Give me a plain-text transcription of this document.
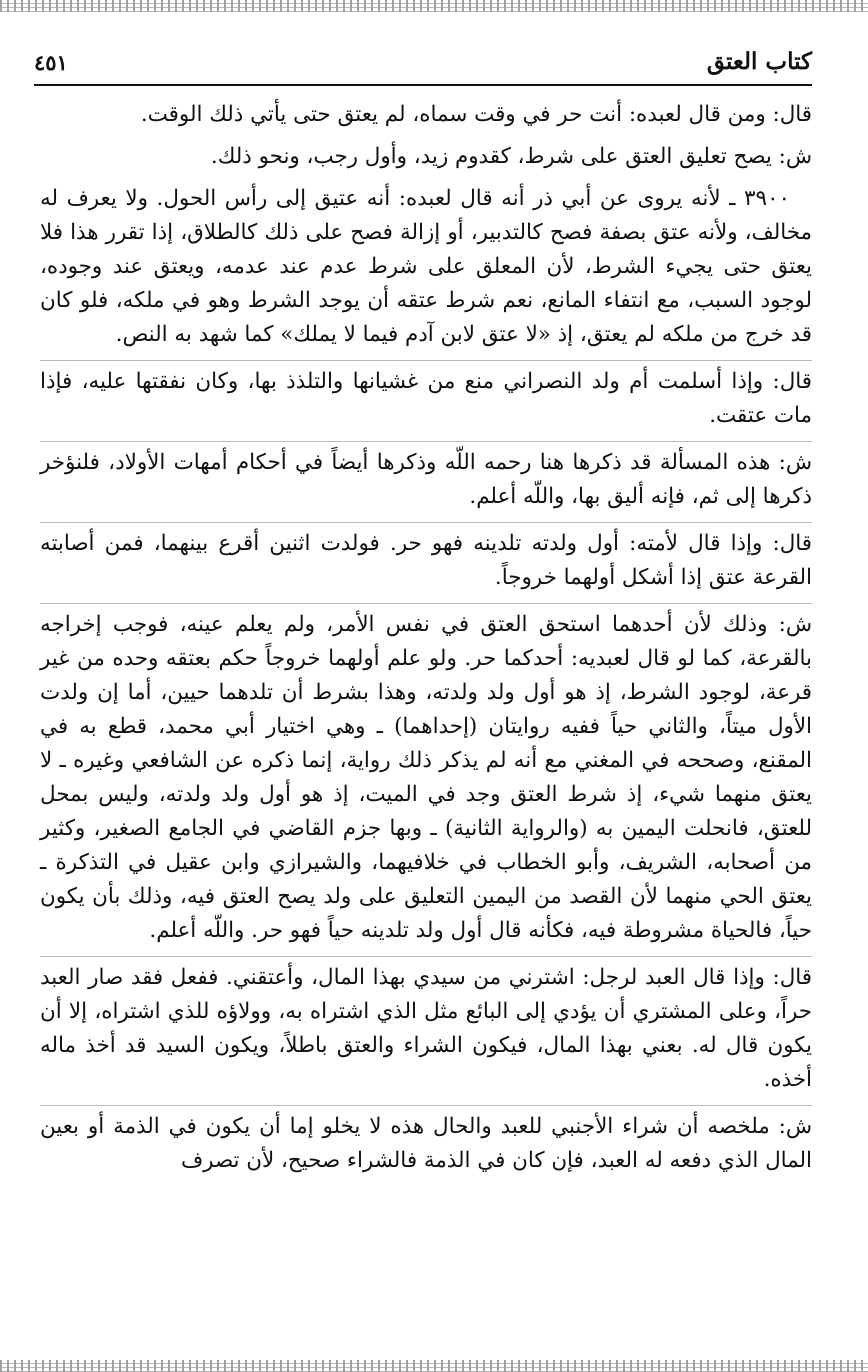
٤٥١	كتاب العتق

قال: ومن قال لعبده: أنت حر في وقت سماه، لم يعتق حتى يأتي ذلك الوقت.

ش: يصح تعليق العتق على شرط، كقدوم زيد، وأول رجب، ونحو ذلك.

٣٩٠٠ ـ لأنه يروى عن أبي ذر أنه قال لعبده: أنه عتيق إلى رأس الحول. ولا يعرف له مخالف، ولأنه عتق بصفة فصح كالتدبير، أو إزالة فصح على ذلك كالطلاق، إذا تقرر هذا فلا يعتق حتى يجيء الشرط، لأن المعلق على شرط عدم عند عدمه، ويعتق عند وجوده، لوجود السبب، مع انتفاء المانع، نعم شرط عتقه أن يوجد الشرط وهو في ملكه، فلو كان قد خرج من ملكه لم يعتق، إذ «لا عتق لابن آدم فيما لا يملك» كما شهد به النص.

قال: وإذا أسلمت أم ولد النصراني منع من غشيانها والتلذذ بها، وكان نفقتها عليه، فإذا مات عتقت.

ش: هذه المسألة قد ذكرها هنا رحمه اللّه وذكرها أيضاً في أحكام أمهات الأولاد، فلنؤخر ذكرها إلى ثم، فإنه أليق بها، واللّه أعلم.

قال: وإذا قال لأمته: أول ولدته تلدينه فهو حر. فولدت اثنين أقرع بينهما، فمن أصابته القرعة عتق إذا أشكل أولهما خروجاً.

ش: وذلك لأن أحدهما استحق العتق في نفس الأمر، ولم يعلم عينه، فوجب إخراجه بالقرعة، كما لو قال لعبديه: أحدكما حر. ولو علم أولهما خروجاً حكم بعتقه وحده من غير قرعة، لوجود الشرط، إذ هو أول ولد ولدته، وهذا بشرط أن تلدهما حيين، أما إن ولدت الأول ميتاً، والثاني حياً ففيه روايتان (إحداهما) ـ وهي اختيار أبي محمد، قطع به في المقنع، وصححه في المغني مع أنه لم يذكر ذلك رواية، إنما ذكره عن الشافعي وغيره ـ لا يعتق منهما شيء، إذ شرط العتق وجد في الميت، إذ هو أول ولد ولدته، وليس بمحل للعتق، فانحلت اليمين به (والرواية الثانية) ـ وبها جزم القاضي في الجامع الصغير، وكثير من أصحابه، الشريف، وأبو الخطاب في خلافيهما، والشيرازي وابن عقيل في التذكرة ـ يعتق الحي منهما لأن القصد من اليمين التعليق على ولد يصح العتق فيه، وذلك بأن يكون حياً، فالحياة مشروطة فيه، فكأنه قال أول ولد تلدينه حياً فهو حر. واللّه أعلم.

قال: وإذا قال العبد لرجل: اشترني من سيدي بهذا المال، وأعتقني. ففعل فقد صار العبد حراً، وعلى المشتري أن يؤدي إلى البائع مثل الذي اشتراه به، وولاؤه للذي اشتراه، إلا أن يكون قال له. بعني بهذا المال، فيكون الشراء والعتق باطلاً، ويكون السيد قد أخذ ماله أخذه.

ش: ملخصه أن شراء الأجنبي للعبد والحال هذه لا يخلو إما أن يكون في الذمة أو بعين المال الذي دفعه له العبد، فإن كان في الذمة فالشراء صحيح، لأن تصرف
